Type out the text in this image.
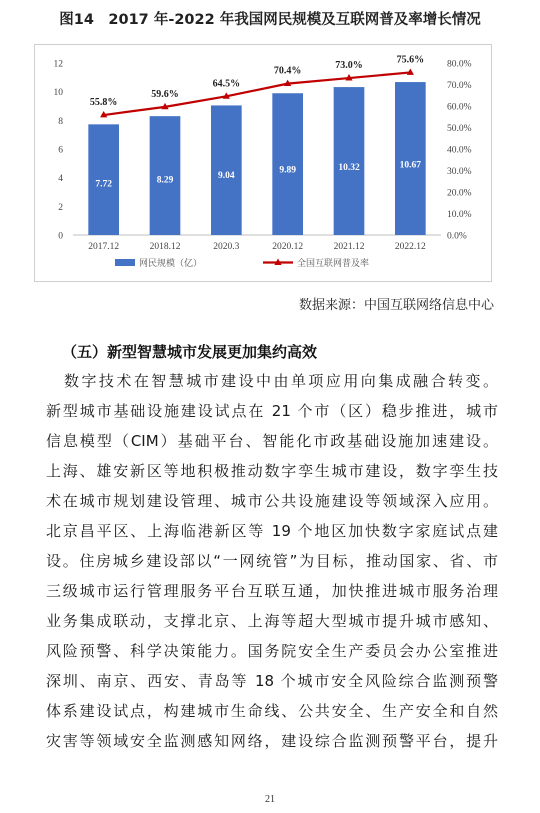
图14　2017 年-2022 年我国网民规模及互联网普及率增长情况
0
2
4
6
8
10
12
0.0%
10.0%
20.0%
30.0%
40.0%
50.0%
60.0%
70.0%
80.0%
7.72	8.29	9.04
9.89	10.32	10.67
2017.12	2018.12	2020.3	2020.12	2021.12	2022.12
55.8%
59.6%
64.5%
70.4%
73.0%
75.6%
网民规模（亿）	全国互联网普及率
数据来源：中国互联网络信息中心
（五）新型智慧城市发展更加集约高效
数字技术在智慧城市建设中由单项应用向集成融合转变。
新型城市基础设施建设试点在 21 个市（区）稳步推进，城市
信息模型（CIM）基础平台、智能化市政基础设施加速建设。
上海、雄安新区等地积极推动数字孪生城市建设，数字孪生技
术在城市规划建设管理、城市公共设施建设等领域深入应用。
北京昌平区、上海临港新区等 19 个地区加快数字家庭试点建
设。住房城乡建设部以“一网统管”为目标，推动国家、省、市
三级城市运行管理服务平台互联互通，加快推进城市服务治理
业务集成联动，支撑北京、上海等超大型城市提升城市感知、
风险预警、科学决策能力。国务院安全生产委员会办公室推进
深圳、南京、西安、青岛等 18 个城市安全风险综合监测预警
体系建设试点，构建城市生命线、公共安全、生产安全和自然
灾害等领域安全监测感知网络，建设综合监测预警平台，提升
21
